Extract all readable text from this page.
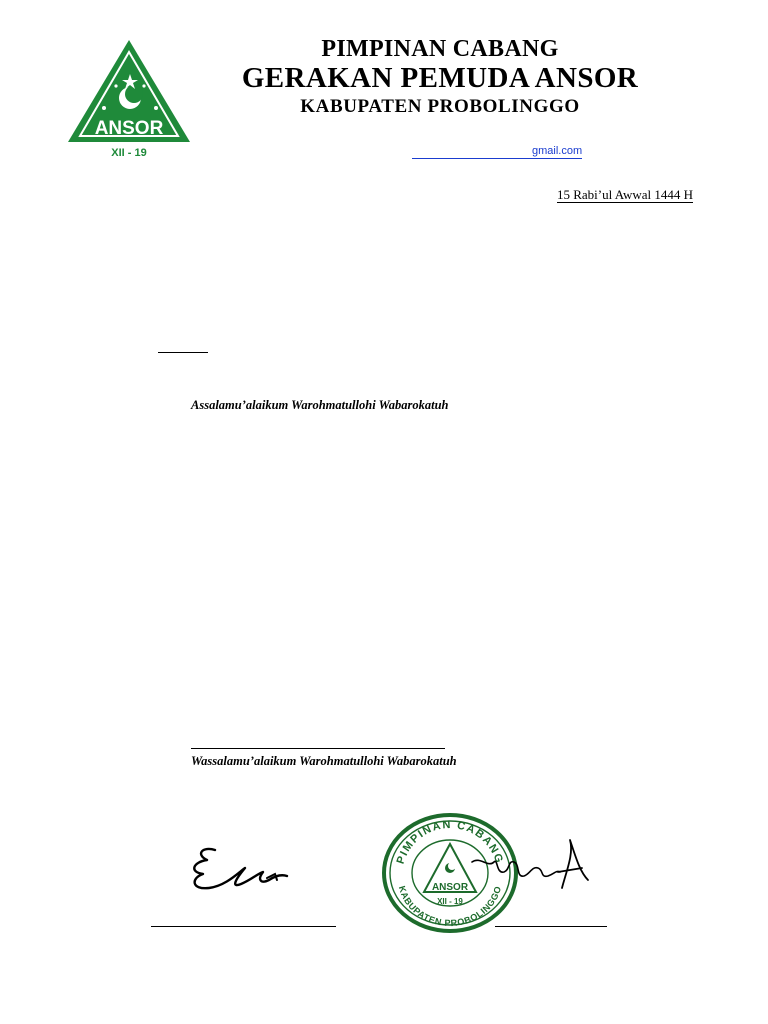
ANSOR
XII - 19
PIMPINAN CABANG
GERAKAN PEMUDA ANSOR
KABUPATEN PROBOLINGGO
gmail.com
15 Rabi’ul Awwal 1444 H
Assalamu’alaikum Warohmatullohi Wabarokatuh
Wassalamu’alaikum Warohmatullohi Wabarokatuh
PIMPINAN CABANG
KABUPATEN PROBOLINGGO
ANSOR
XII - 19
